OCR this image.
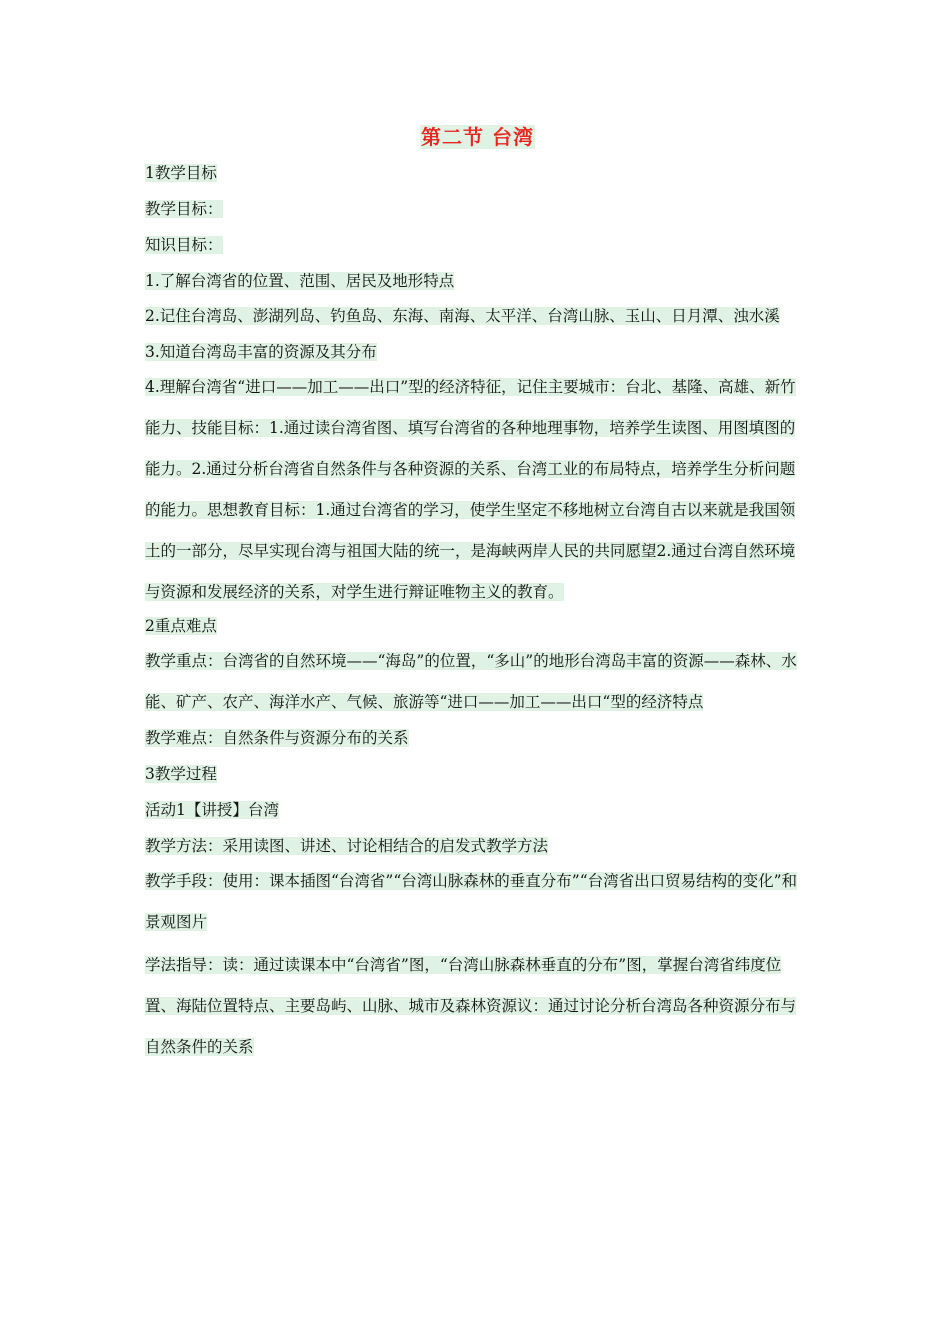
第二节 台湾

1教学目标

教学目标：

知识目标：

1.了解台湾省的位置、范围、居民及地形特点

2.记住台湾岛、澎湖列岛、钓鱼岛、东海、南海、太平洋、台湾山脉、玉山、日月潭、浊水溪

3.知道台湾岛丰富的资源及其分布

4.理解台湾省“进口——加工——出口”型的经济特征，记住主要城市：台北、基隆、高雄、新竹

能力、技能目标：1.通过读台湾省图、填写台湾省的各种地理事物，培养学生读图、用图填图的能力。2.通过分析台湾省自然条件与各种资源的关系、台湾工业的布局特点，培养学生分析问题的能力。思想教育目标：1.通过台湾省的学习，使学生坚定不移地树立台湾自古以来就是我国领土的一部分，尽早实现台湾与祖国大陆的统一，是海峡两岸人民的共同愿望2.通过台湾自然环境与资源和发展经济的关系，对学生进行辩证唯物主义的教育。

2重点难点

教学重点：台湾省的自然环境——“海岛”的位置，“多山”的地形台湾岛丰富的资源——森林、水能、矿产、农产、海洋水产、气候、旅游等“进口——加工——出口“型的经济特点

教学难点：自然条件与资源分布的关系

3教学过程

活动1【讲授】台湾

教学方法：采用读图、讲述、讨论相结合的启发式教学方法

教学手段：使用：课本插图“台湾省”“台湾山脉森林的垂直分布”“台湾省出口贸易结构的变化”和景观图片

学法指导：读：通过读课本中“台湾省”图，“台湾山脉森林垂直的分布”图，掌握台湾省纬度位置、海陆位置特点、主要岛屿、山脉、城市及森林资源议：通过讨论分析台湾岛各种资源分布与自然条件的关系
